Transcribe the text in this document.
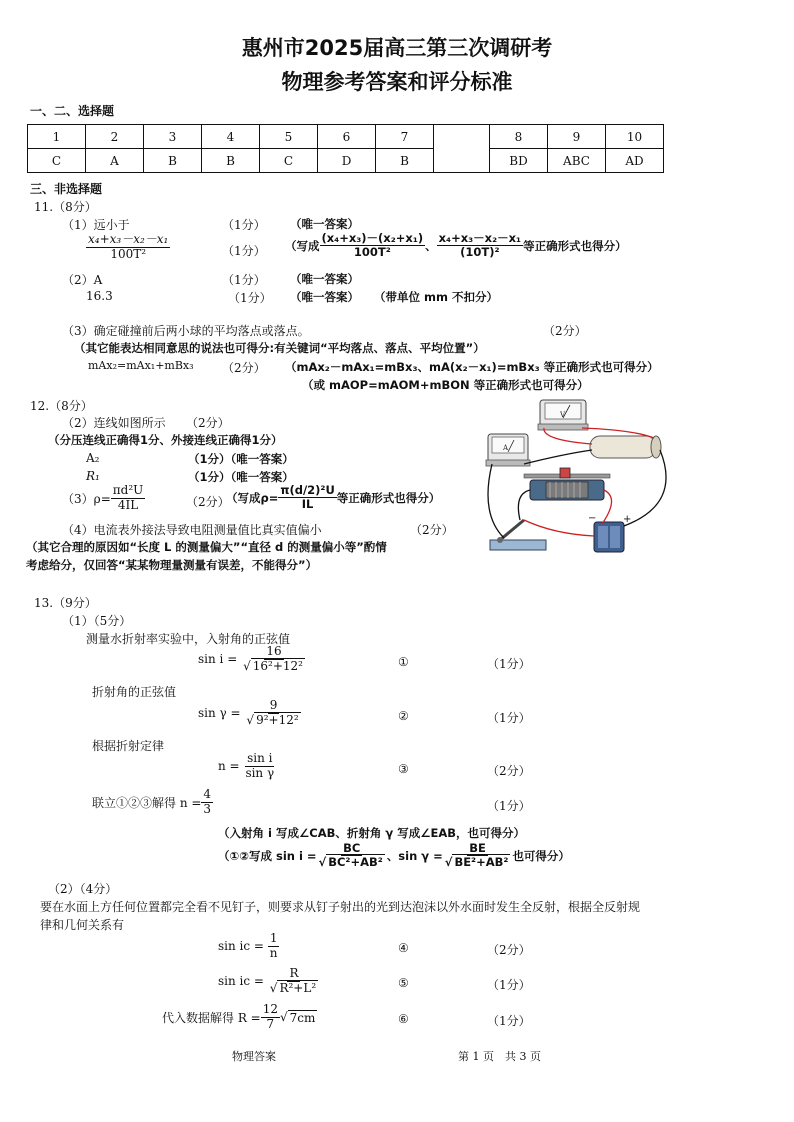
惠州市2025届高三第三次调研考
物理参考答案和评分标准
一、二、选择题
1	2	3	4	5	6	7		8	9	10
C	A	B	B	C	D	B		BD	ABC	AD
三、非选择题
11.（8分）
（1）远小于	（1分） （唯一答案）
$\frac{\text{x₄+x₃－x₂－x₁}}{\text{100T²}}$	（1分） （写成 $\frac{\text{(x₄+x₃)－(x₂+x₁)}}{\text{100T²}}$ 、 $\frac{\text{x₄+x₃－x₂－x₁}}{\text{(10T)²}}$ 等正确形式也得分）
（2）A	（1分） （唯一答案）
16.3	（1分） （唯一答案） （带单位 mm 不扣分）
（3）确定碰撞前后两小球的平均落点或落点。	（2分）
（其它能表达相同意思的说法也可得分:有关键词“平均落点、落点、平均位置”）
mAx₂=mAx₁+mBx₃ （2分） （mAx₂－mAx₁=mBx₃、mA(x₂－x₁)=mBx₃ 等正确形式也可得分）
（或 mAOP=mAOM+mBON 等正确形式也可得分）
12.（8分）
（2）连线如图所示 （2分）
（分压连线正确得1分、外接连线正确得1分）
A₂	（1分）（唯一答案）
R₁	（1分）（唯一答案）
$(3)\rho= \frac{\text{πd²U}}{4IL}$	（2分）
（写成$\rho= \frac{\text{π(d/2)²U}}{IL}$ 等正确形式也得分）
（4）电流表外接法导致电阻测量值比真实值偏小	（2分）
（其它合理的原因如“长度 L 的测量偏大”“直径 d 的测量偏小等”酌情
考虑给分，仅回答“某某物理量测量有误差，不能得分”）
V
A
+
−
13.（9分）
（1）（5分）
测量水折射率实验中，入射角的正弦值
sin i =
$\frac{16}{\text{√ 16²+12²}}$	①	（1分）
折射角的正弦值
sin γ =
$\frac{9}{\text{√ 9²+12²}}$	②	（1分）
根据折射定律
n =
$\frac{\text{sin i}}{\text{sin γ}}$	③	（2分）
联立①②③解得 $n = \frac{4}{3}$	（1分）
（入射角 i 写成∠CAB、折射角 γ 写成∠EAB，也可得分）
（①②写成 $\sin i = \frac{BC}{\text{√ BC²+AB²}}$ 、$\sin \gamma = \frac{BE}{\text{√ BE²+AB²}}$ 也可得分）
（2）（4分）
要在水面上方任何位置都完全看不见钉子，则要求从钉子射出的光到达泡沫以外水面时发生全反射，根据全反射规
律和几何关系有
sin ic =
$\frac{1}{n}$	④	（2分）
sin ic =
$\frac{R}{\text{√ R²+L²}}$	⑤	（1分）
代入数据解得 $R = \frac{12}{7}$ √ 7cm	⑥	（1分）
物理答案	第 1 页　共 3 页
